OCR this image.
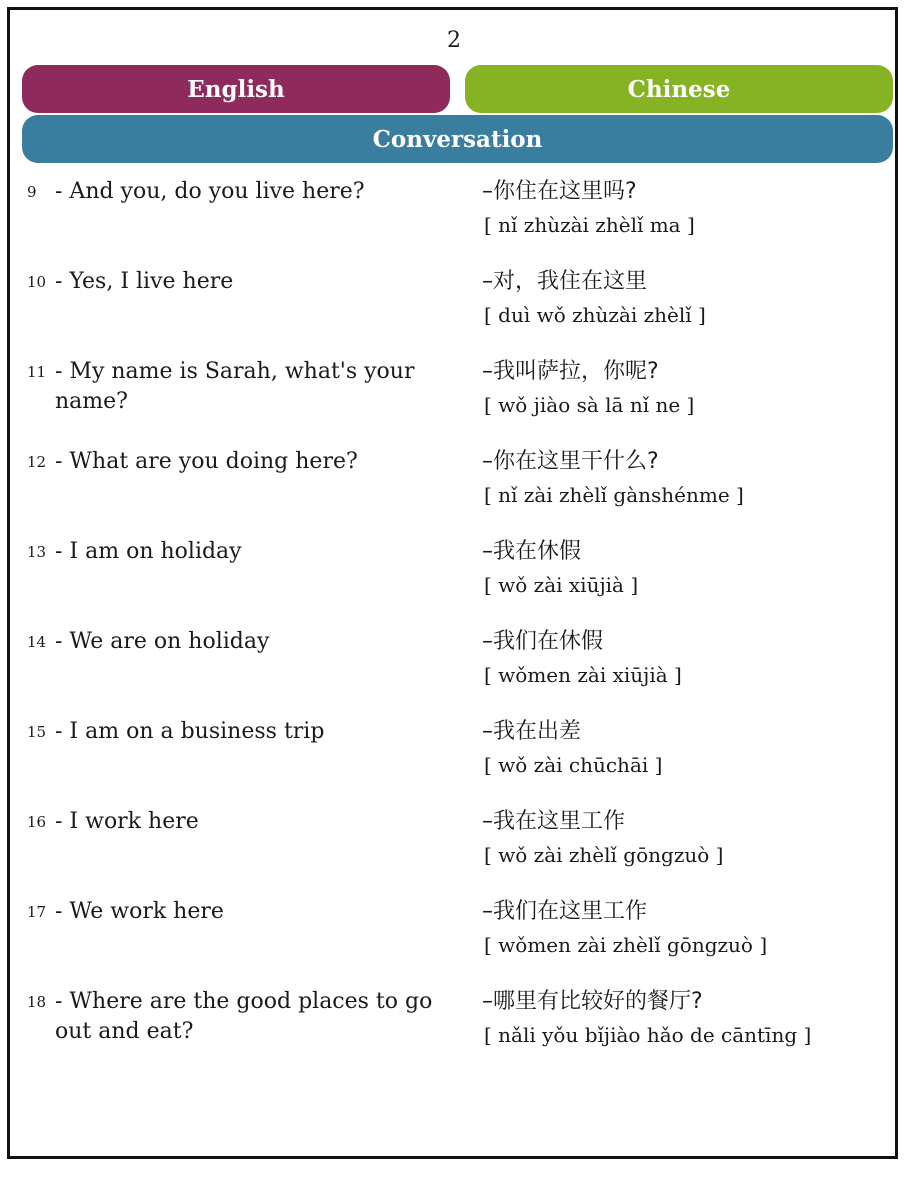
2
English	Chinese
Conversation
9 - And you, do you live here?	–你住在这里吗?
[ nǐ zhùzài zhèlǐ ma ]
10 - Yes, I live here	–对，我住在这里
[ duì wǒ zhùzài zhèlǐ ]
11 - My name is Sarah, what's your
name?
–我叫萨拉，你呢?
[ wǒ jiào sà lā nǐ ne ]
12 - What are you doing here?	–你在这里干什么?
[ nǐ zài zhèlǐ gànshénme ]
13 - I am on holiday	–我在休假
[ wǒ zài xiūjià ]
14 - We are on holiday	–我们在休假
[ wǒmen zài xiūjià ]
15 - I am on a business trip	–我在出差
[ wǒ zài chūchāi ]
16 - I work here	–我在这里工作
[ wǒ zài zhèlǐ gōngzuò ]
17 - We work here	–我们在这里工作
[ wǒmen zài zhèlǐ gōngzuò ]
18 - Where are the good places to go
out and eat?
–哪里有比较好的餐厅?
[ nǎli yǒu bǐjiào hǎo de cāntīng ]
